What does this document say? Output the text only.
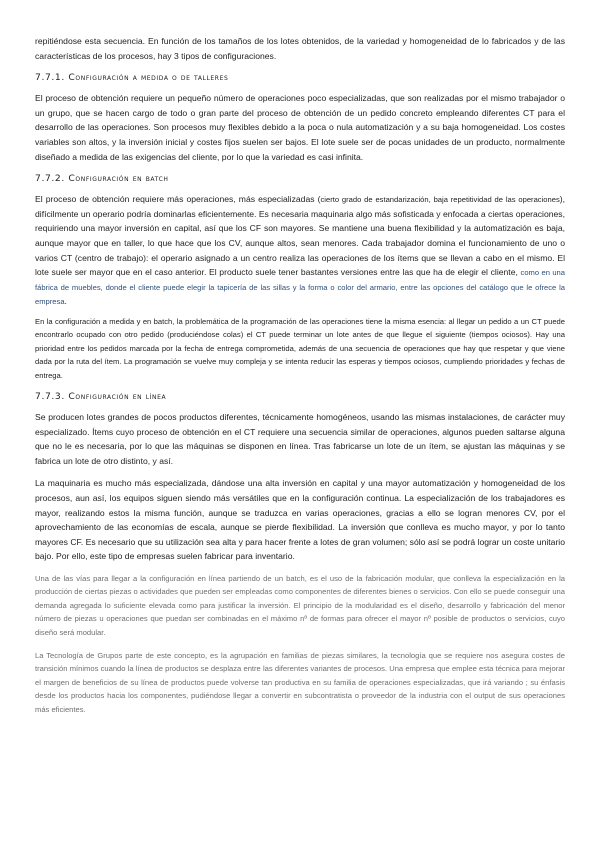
repitiéndose esta secuencia. En función de los tamaños de los lotes obtenidos, de la variedad y homogeneidad de lo fabricados y de las características de los procesos, hay 3 tipos de configuraciones.

7.7.1. Configuración a medida o de talleres

El proceso de obtención requiere un pequeño número de operaciones poco especializadas, que son realizadas por el mismo trabajador o un grupo, que se hacen cargo de todo o gran parte del proceso de obtención de un pedido concreto empleando diferentes CT para el desarrollo de las operaciones. Son procesos muy flexibles debido a la poca o nula automatización y a su baja homogeneidad. Los costes variables son altos, y la inversión inicial y costes fijos suelen ser bajos. El lote suele ser de pocas unidades de un producto, normalmente diseñado a medida de las exigencias del cliente, por lo que la variedad es casi infinita.

7.7.2. Configuración en batch

El proceso de obtención requiere más operaciones, más especializadas (cierto grado de estandarización, baja repetitividad de las operaciones), difícilmente un operario podría dominarlas eficientemente. Es necesaria maquinaria algo más sofisticada y enfocada a ciertas operaciones, requiriendo una mayor inversión en capital, así que los CF son mayores. Se mantiene una buena flexibilidad y la automatización es baja, aunque mayor que en taller, lo que hace que los CV, aunque altos, sean menores. Cada trabajador domina el funcionamiento de uno o varios CT (centro de trabajo): el operario asignado a un centro realiza las operaciones de los ítems que se llevan a cabo en el mismo. El lote suele ser mayor que en el caso anterior. El producto suele tener bastantes versiones entre las que ha de elegir el cliente, como en una fábrica de muebles, donde el cliente puede elegir la tapicería de las sillas y la forma o color del armario, entre las opciones del catálogo que le ofrece la empresa.

En la configuración a medida y en batch, la problemática de la programación de las operaciones tiene la misma esencia: al llegar un pedido a un CT puede encontrarlo ocupado con otro pedido (produciéndose colas) el CT puede terminar un lote antes de que llegue el siguiente (tiempos ociosos). Hay una prioridad entre los pedidos marcada por la fecha de entrega comprometida, además de una secuencia de operaciones que hay que respetar y que viene dada por la ruta del ítem. La programación se vuelve muy compleja y se intenta reducir las esperas y tiempos ociosos, cumpliendo prioridades y fechas de entrega.

7.7.3. Configuración en línea

Se producen lotes grandes de pocos productos diferentes, técnicamente homogéneos, usando las mismas instalaciones, de carácter muy especializado. Ítems cuyo proceso de obtención en el CT requiere una secuencia similar de operaciones, algunos pueden saltarse alguna que no le es necesaria, por lo que las máquinas se disponen en línea. Tras fabricarse un lote de un ítem, se ajustan las máquinas y se fabrica un lote de otro distinto, y así.

La maquinaria es mucho más especializada, dándose una alta inversión en capital y una mayor automatización y homogeneidad de los procesos, aun así, los equipos siguen siendo más versátiles que en la configuración continua. La especialización de los trabajadores es mayor, realizando estos la misma función, aunque se traduzca en varias operaciones, gracias a ello se logran menores CV, por el aprovechamiento de las economías de escala, aunque se pierde flexibilidad. La inversión que conlleva es mucho mayor, y por lo tanto mayores CF. Es necesario que su utilización sea alta y para hacer frente a lotes de gran volumen; sólo así se podrá lograr un coste unitario bajo. Por ello, este tipo de empresas suelen fabricar para inventario.

Una de las vías para llegar a la configuración en línea partiendo de un batch, es el uso de la fabricación modular, que conlleva la especialización en la producción de ciertas piezas o actividades que pueden ser empleadas como componentes de diferentes bienes o servicios. Con ello se puede conseguir una demanda agregada lo suficiente elevada como para justificar la inversión. El principio de la modularidad es el diseño, desarrollo y fabricación del menor número de piezas u operaciones que puedan ser combinadas en el máximo nº de formas para ofrecer el mayor nº posible de productos o servicios, cuyo diseño será modular.

La Tecnología de Grupos parte de este concepto, es la agrupación en familias de piezas similares, la tecnología que se requiere nos asegura costes de transición mínimos cuando la línea de productos se desplaza entre las diferentes variantes de procesos. Una empresa que emplee esta técnica para mejorar el margen de beneficios de su línea de productos puede volverse tan productiva en su familia de operaciones especializadas, que irá variando ; su énfasis desde los productos hacia los componentes, pudiéndose llegar a convertir en subcontratista o proveedor de la industria con el output de sus operaciones más eficientes.
